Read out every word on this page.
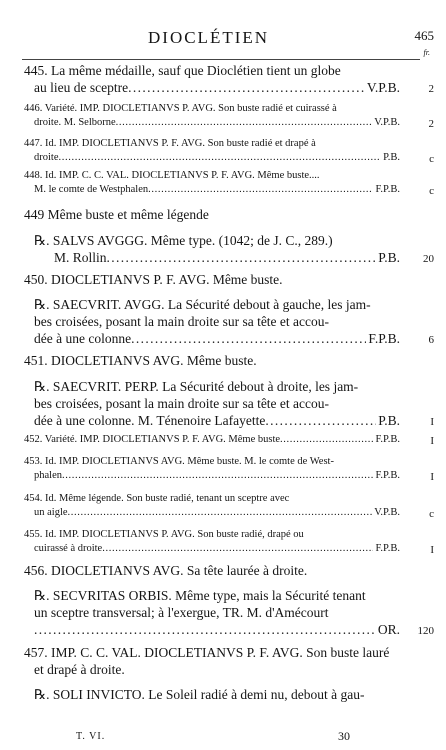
DIOCLÉTIEN	465
fr.
445. La même médaille, sauf que Dioclétien tient un globe
au lieu de sceptre . . .	V.P.B.	2
446. Variété. IMP. DIOCLETIANVS P. AVG. Son buste radié et cuirassé à
droite. M. Selborne . . .	V.P.B.	2
447. Id. IMP. DIOCLETIANVS P. F. AVG. Son buste radié et drapé à
droite . . .	P.B.	c
448. Id. IMP. C. C. VAL. DIOCLETIANVS P. F. AVG. Même buste....
M. le comte de Westphalen . . .	F.P.B.	c
449 Même buste et même légende
℞. SALVS AVGGG. Même type. (1042; de J. C., 289.)
M. Rollin . . .	P.B. 20
450. DIOCLETIANVS P. F. AVG. Même buste.
℞. SAECVRIT. AVGG. La Sécurité debout à gauche, les jam-
bes croisées, posant la main droite sur sa tête et accou-
dée à une colonne . . .	F.P.B.	6
451. DIOCLETIANVS AVG. Même buste.
℞. SAECVRIT. PERP. La Sécurité debout à droite, les jam-
bes croisées, posant la main droite sur sa tête et accou-
dée à une colonne. M. Ténenoire Lafayette . . .	P.B.	I
452. Variété. IMP. DIOCLETIANVS P. F. AVG. Même buste . . .	F.P.B.	I
453. Id. IMP. DIOCLETIANVS AVG. Même buste. M. le comte de West-
phalen . . .	F.P.B.	I
454. Id. Même légende. Son buste radié, tenant un sceptre avec
un aigle . . .	V.P.B.	c
455. Id. IMP. DIOCLETIANVS P. AVG. Son buste radié, drapé ou
cuirassé à droite . . .	F.P.B.	I
456. DIOCLETIANVS AVG. Sa tête laurée à droite.
℞. SECVRITAS ORBIS. Même type, mais la Sécurité tenant
un sceptre transversal; à l'exergue, TR. M. d'Amécourt
. . .
OR. 120
457. IMP. C. C. VAL. DIOCLETIANVS P. F. AVG. Son buste lauré
et drapé à droite.
℞. SOLI INVICTO. Le Soleil radié à demi nu, debout à gau-
T. VI.	30
